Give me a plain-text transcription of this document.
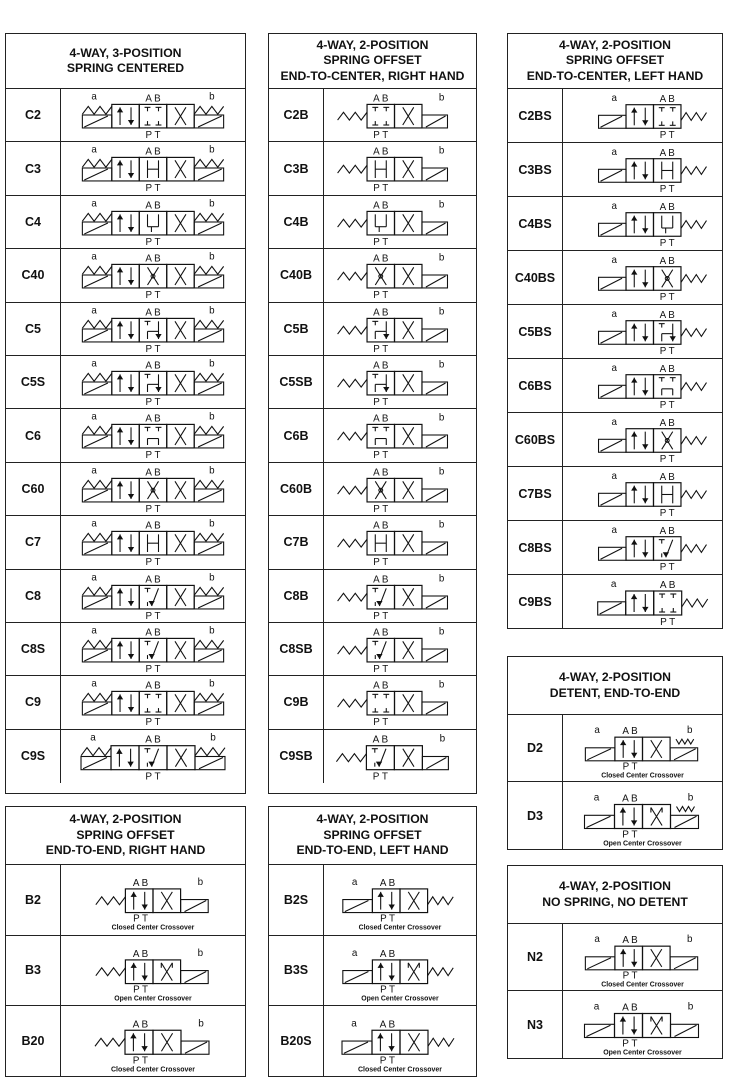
4-WAY, 3-POSITION
SPRING CENTERED
C2
a	A B	b
P T
C3
a	A B	b
P T
C4
a	A B	b
P T
C40
a	A B	b
P T
C5
a	A B	b
P T
C5S
a	A B	b
P T
C6
a	A B	b
P T
C60
a	A B	b
P T
C7
a	A B	b
P T
C8
a	A B	b
P T
C8S
a	A B	b
P T
C9
a	A B	b
P T
C9S
a	A B	b
P T
4-WAY, 2-POSITION
SPRING OFFSET
END-TO-CENTER, RIGHT HAND
C2B
A B	b
P T
C3B
A B	b
P T
C4B
A B	b
P T
C40B
A B	b
P T
C5B
A B	b
P T
C5SB
A B	b
P T
C6B
A B	b
P T
C60B
A B	b
P T
C7B
A B	b
P T
C8B
A B	b
P T
C8SB
A B	b
P T
C9B
A B	b
P T
C9SB
A B	b
P T
4-WAY, 2-POSITION
SPRING OFFSET
END-TO-CENTER, LEFT HAND
C2BS
a	A B
P T
C3BS
a	A B
P T
C4BS
a	A B
P T
C40BS
a	A B
P T
C5BS
a	A B
P T
C6BS
a	A B
P T
C60BS
a	A B
P T
C7BS
a	A B
P T
C8BS
a	A B
P T
C9BS
a	A B
P T
4-WAY, 2-POSITION
DETENT, END-TO-END
D2
a A B	b
P T
Closed Center Crossover
D3
a A B	b
P T
Open Center Crossover
4-WAY, 2-POSITION
SPRING OFFSET
END-TO-END, RIGHT HAND
B2
A B	b
P T
Closed Center Crossover
B3
A B	b
P T
Open Center Crossover
B20
A B	b
P T
Closed Center Crossover
4-WAY, 2-POSITION
SPRING OFFSET
END-TO-END, LEFT HAND
B2S
a A B
P T
Closed Center Crossover
B3S
a A B
P T
Open Center Crossover
B20S
a A B
P T
Closed Center Crossover
4-WAY, 2-POSITION
NO SPRING, NO DETENT
N2
a A B	b
P T
Closed Center Crossover
N3
a A B	b
P T
Open Center Crossover
